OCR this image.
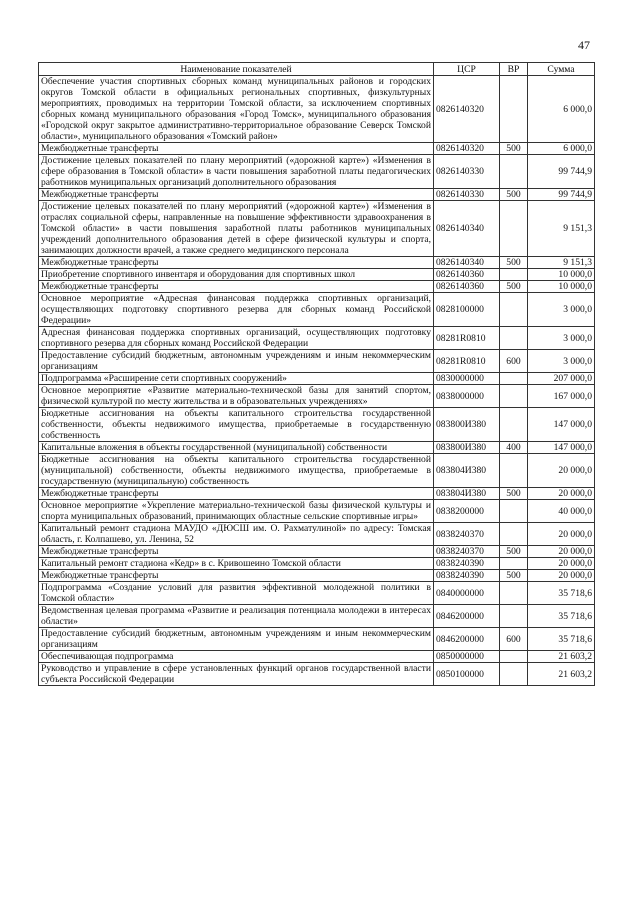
47
Наименование показателей	ЦСР	ВР	Сумма
Обеспечение участия спортивных сборных команд муниципальных районов и городских округов Томской области в официальных региональных спортивных, физкультурных мероприятиях, проводимых на территории Томской области, за исключением спортивных сборных команд муниципального образования «Город Томск», муниципального образования «Городской округ закрытое административно-территориальное образование Северск Томской области», муниципального образования «Томский район»	0826140320		6 000,0
Межбюджетные трансферты	0826140320	500	6 000,0
Достижение целевых показателей по плану мероприятий («дорожной карте») «Изменения в сфере образования в Томской области» в части повышения заработной платы педагогических работников муниципальных организаций дополнительного образования	0826140330		99 744,9
Межбюджетные трансферты	0826140330	500	99 744,9
Достижение целевых показателей по плану мероприятий («дорожной карте») «Изменения в отраслях социальной сферы, направленные на повышение эффективности здравоохранения в Томской области» в части повышения заработной платы работников муниципальных учреждений дополнительного образования детей в сфере физической культуры и спорта, занимающих должности врачей, а также среднего медицинского персонала	0826140340		9 151,3
Межбюджетные трансферты	0826140340	500	9 151,3
Приобретение спортивного инвентаря и оборудования для спортивных школ	0826140360		10 000,0
Межбюджетные трансферты	0826140360	500	10 000,0
Основное мероприятие «Адресная финансовая поддержка спортивных организаций, осуществляющих подготовку спортивного резерва для сборных команд Российской Федерации»	0828100000		3 000,0
Адресная финансовая поддержка спортивных организаций, осуществляющих подготовку спортивного резерва для сборных команд Российской Федерации	08281R0810		3 000,0
Предоставление субсидий бюджетным, автономным учреждениям и иным некоммерческим организациям	08281R0810	600	3 000,0
Подпрограмма «Расширение сети спортивных сооружений»	0830000000		207 000,0
Основное мероприятие «Развитие материально-технической базы для занятий спортом, физической культурой по месту жительства и в образовательных учреждениях»	0838000000		167 000,0
Бюджетные ассигнования на объекты капитального строительства государственной собственности, объекты недвижимого имущества, приобретаемые в государственную собственность	083800И380		147 000,0
Капитальные вложения в объекты государственной (муниципальной) собственности	083800И380	400	147 000,0
Бюджетные ассигнования на объекты капитального строительства государственной (муниципальной) собственности, объекты недвижимого имущества, приобретаемые в государственную (муниципальную) собственность	083804И380		20 000,0
Межбюджетные трансферты	083804И380	500	20 000,0
Основное мероприятие «Укрепление материально-технической базы физической культуры и спорта муниципальных образований, принимающих областные сельские спортивные игры»	0838200000		40 000,0
Капитальный ремонт стадиона МАУДО «ДЮСШ им. О. Рахматулиной» по адресу: Томская область, г. Колпашево, ул. Ленина, 52	0838240370		20 000,0
Межбюджетные трансферты	0838240370	500	20 000,0
Капитальный ремонт стадиона «Кедр» в с. Кривошеино Томской области	0838240390		20 000,0
Межбюджетные трансферты	0838240390	500	20 000,0
Подпрограмма «Создание условий для развития эффективной молодежной политики в Томской области»	0840000000		35 718,6
Ведомственная целевая программа «Развитие и реализация потенциала молодежи в интересах области»	0846200000		35 718,6
Предоставление субсидий бюджетным, автономным учреждениям и иным некоммерческим организациям	0846200000	600	35 718,6
Обеспечивающая подпрограмма	0850000000		21 603,2
Руководство и управление в сфере установленных функций органов государственной власти субъекта Российской Федерации	0850100000		21 603,2
